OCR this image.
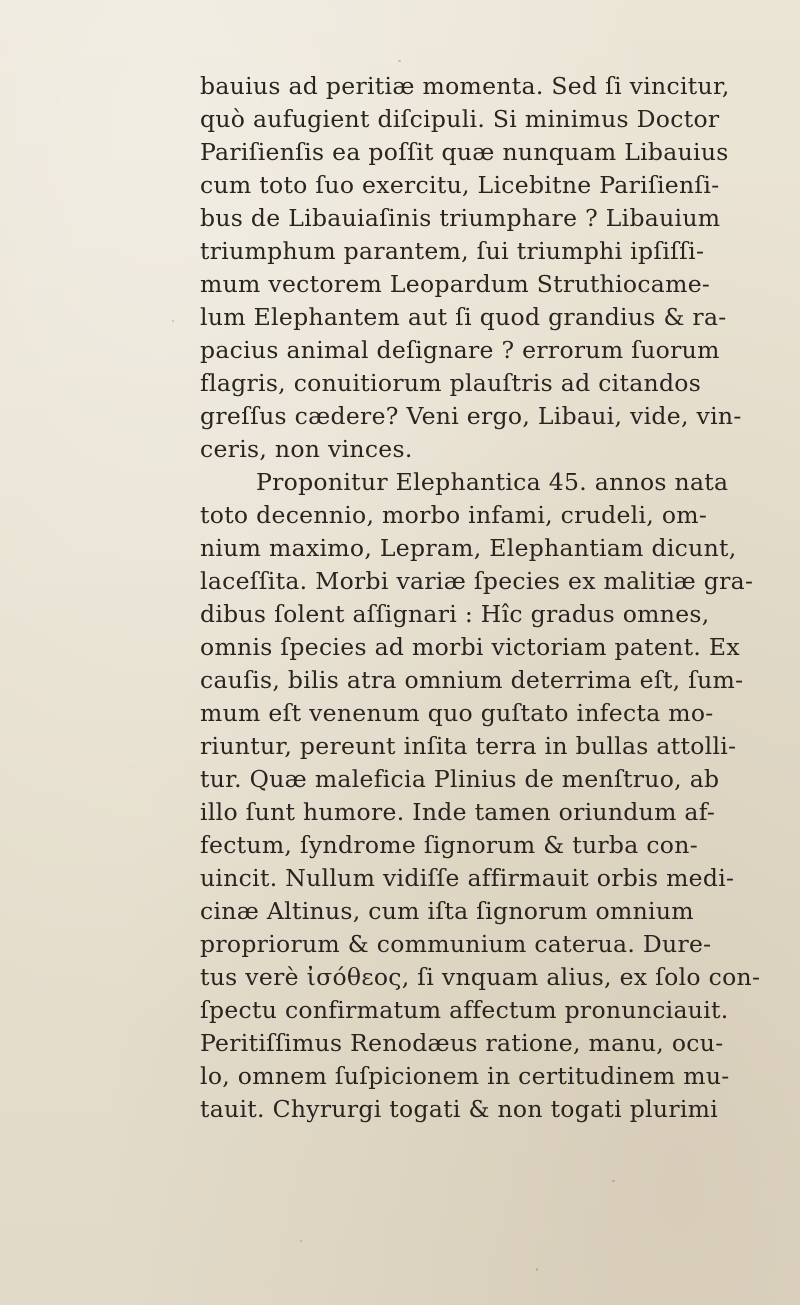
bauius ad peritiæ momenta. Sed ſi vincitur,
quò aufugient diſcipuli. Si minimus Doctor
Pariſienſis ea poſſit quæ nunquam Libauius
cum toto ſuo exercitu, Licebitne Pariſienſi-
bus de Libauiaſinis triumphare ? Libauium
triumphum parantem, ſui triumphi ipſiſſi-
mum vectorem Leopardum Struthiocame-
lum Elephantem aut ſi quod grandius & ra-
pacius animal deſignare ? errorum ſuorum
flagris, conuitiorum plauſtris ad citandos
greſſus cædere? Veni ergo, Libaui, vide, vin-
ceris, non vinces.
Proponitur Elephantica 45. annos nata
toto decennio, morbo infami, crudeli, om-
nium maximo, Lepram, Elephantiam dicunt,
laceſſita. Morbi variæ ſpecies ex malitiæ gra-
dibus ſolent aſſignari : Hîc gradus omnes,
omnis ſpecies ad morbi victoriam patent. Ex
cauſis, bilis atra omnium deterrima eſt, ſum-
mum eſt venenum quo guſtato infecta mo-
riuntur, pereunt inſita terra in bullas attolli-
tur. Quæ maleficia Plinius de menſtruo, ab
illo ſunt humore. Inde tamen oriundum af-
fectum, ſyndrome ſignorum & turba con-
uincit. Nullum vidiſſe affirmauit orbis medi-
cinæ Altinus, cum iſta ſignorum omnium
propriorum & communium caterua. Dure-
tus verè ἰσόθεος, ſi vnquam alius, ex ſolo con-
ſpectu confirmatum affectum pronunciauit.
Peritiſſimus Renodæus ratione, manu, ocu-
lo, omnem ſuſpicionem in certitudinem mu-
tauit. Chyrurgi togati & non togati plurimi
